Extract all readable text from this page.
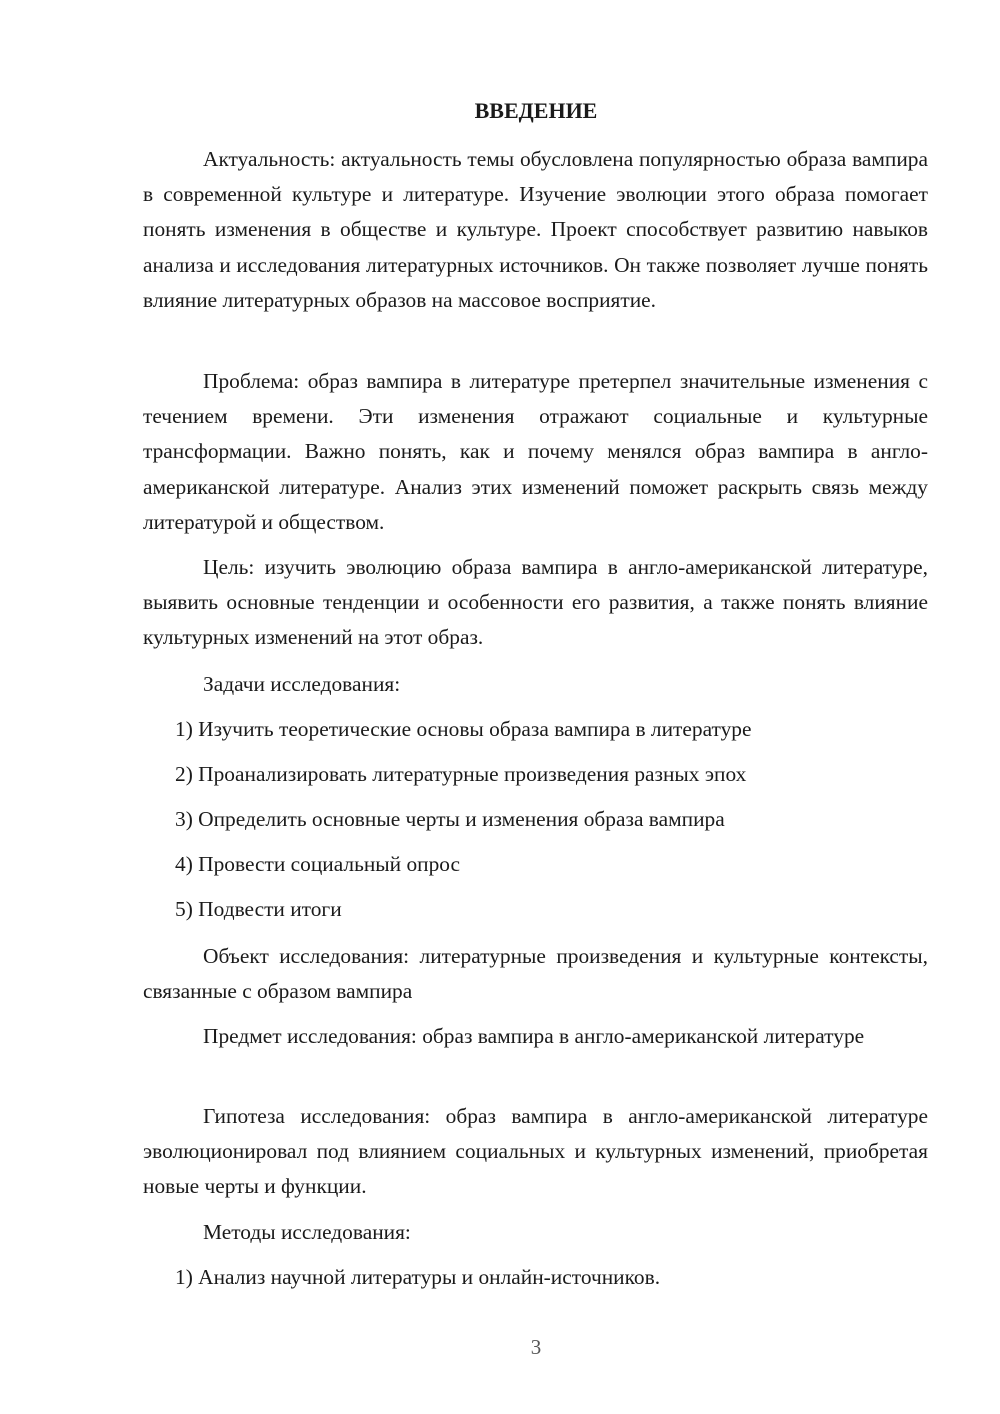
ВВЕДЕНИЕ

Актуальность: актуальность темы обусловлена популярностью образа вампира в современной культуре и литературе. Изучение эволюции этого образа помогает понять изменения в обществе и культуре. Проект способствует развитию навыков анализа и исследования литературных источников. Он также позволяет лучше понять влияние литературных образов на массовое восприятие.

Проблема: образ вампира в литературе претерпел значительные изменения с течением времени. Эти изменения отражают социальные и культурные трансформации. Важно понять, как и почему менялся образ вампира в англо-американской литературе. Анализ этих изменений поможет раскрыть связь между литературой и обществом.

Цель: изучить эволюцию образа вампира в англо-американской литературе, выявить основные тенденции и особенности его развития, а также понять влияние культурных изменений на этот образ.

Задачи исследования:

1) Изучить теоретические основы образа вампира в литературе

2) Проанализировать литературные произведения разных эпох

3) Определить основные черты и изменения образа вампира

4) Провести социальный опрос

5) Подвести итоги

Объект исследования: литературные произведения и культурные контексты, связанные с образом вампира

Предмет исследования: образ вампира в англо-американской литературе

Гипотеза исследования: образ вампира в англо-американской литературе эволюционировал под влиянием социальных и культурных изменений, приобретая новые черты и функции.

Методы исследования:

1) Анализ научной литературы и онлайн-источников.

3
